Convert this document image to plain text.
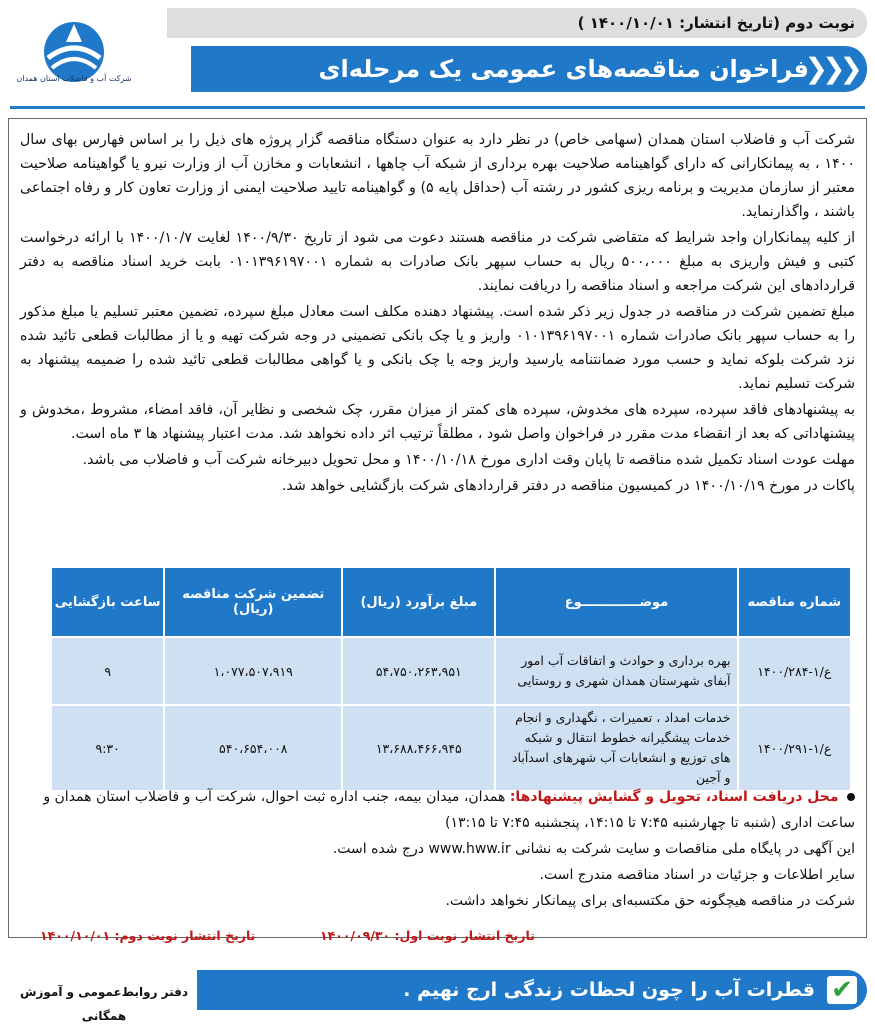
نوبت دوم (تاریخ انتشار: ۱۴۰۰/۱۰/۰۱ )
فراخوان مناقصه‌های عمومی یک مرحله‌ای
❮❮❮
شرکت آب و فاضلاب استان همدان

شرکت آب و فاضلاب استان همدان (سهامی خاص) در نظر دارد به عنوان دستگاه مناقصه گزار پروژه های ذیل را بر اساس فهارس بهای سال ۱۴۰۰ ، به پیمانکارانی که دارای گواهینامه صلاحیت بهره برداری از شبکه آب چاهها ، انشعابات و مخازن آب از وزارت نیرو یا گواهینامه صلاحیت معتبر از سازمان مدیریت و برنامه ریزی کشور در رشته آب (حداقل پایه ۵) و گواهینامه تایید صلاحیت ایمنی از وزارت تعاون کار و رفاه اجتماعی باشند ، واگذارنماید.

از کلیه پیمانکاران واجد شرایط که متقاضی شرکت در مناقصه هستند دعوت می شود از تاریخ ۱۴۰۰/۹/۳۰ لغایت ۱۴۰۰/۱۰/۷ با ارائه درخواست کتبی و فیش واریزی به مبلغ ۵۰۰،۰۰۰ ریال به حساب سپهر بانک صادرات به شماره ۰۱۰۱۳۹۶۱۹۷۰۰۱ بابت خرید اسناد مناقصه به دفتر قراردادهای این شرکت مراجعه و اسناد مناقصه را دریافت نمایند.

مبلغ تضمین شرکت در مناقصه در جدول زیر ذکر شده است. پیشنهاد دهنده مکلف است معادل مبلغ سپرده، تضمین معتبر تسلیم یا مبلغ مذکور را به حساب سپهر بانک صادرات شماره ۰۱۰۱۳۹۶۱۹۷۰۰۱ واریز و یا چک بانکی تضمینی در وجه شرکت تهیه و یا از مطالبات قطعی تائید شده نزد شرکت بلوکه نماید و حسب مورد ضمانتنامه یارسید واریز وجه یا چک بانکی و یا گواهی مطالبات قطعی تائید شده را ضمیمه پیشنهاد به شرکت تسلیم نماید.

به پیشنهادهای فاقد سپرده، سپرده های مخدوش، سپرده های کمتر از میزان مقرر، چک شخصی و نظایر آن، فاقد امضاء، مشروط ،مخدوش و پیشنهاداتی که بعد از انقضاء مدت مقرر در فراخوان واصل شود ، مطلقاً ترتیب اثر داده نخواهد شد. مدت اعتبار پیشنهاد ها ۳ ماه است.

مهلت عودت اسناد تکمیل شده مناقصه تا پایان وقت اداری مورخ ۱۴۰۰/۱۰/۱۸ و محل تحویل دبیرخانه شرکت آب و فاضلاب می باشد.

پاکات در مورخ ۱۴۰۰/۱۰/۱۹ در کمیسیون مناقصه در دفتر قراردادهای شرکت بازگشایی خواهد شد.

شماره مناقصه	موضـــــــــــــوع	مبلغ برآورد (ریال)	تضمین شرکت مناقصه (ریال)	ساعت بازگشایی
ع/۱-۱۴۰۰/۲۸۴	بهره برداری و حوادث و اتفاقات آب امور آبفای شهرستان همدان شهری و روستایی	۵۴،۷۵۰،۲۶۳،۹۵۱	۱،۰۷۷،۵۰۷،۹۱۹	۹
ع/۱-۱۴۰۰/۲۹۱	خدمات امداد ، تعمیرات ، نگهداری و انجام خدمات پیشگیرانه خطوط انتقال و شبکه های توزیع و انشعابات آب شهرهای اسدآباد و آجین	۱۳،۶۸۸،۴۶۶،۹۴۵	۵۴۰،۶۵۴،۰۰۸	۹:۳۰

محل دریافت اسناد، تحویل و گشایش پیشنهادها: همدان، میدان بیمه، جنب اداره ثبت احوال، شرکت آب و فاضلاب استان همدان و ساعت اداری (شنبه تا چهارشنبه ۷:۴۵ تا ۱۴:۱۵، پنجشنبه ۷:۴۵ تا ۱۳:۱۵)

این آگهی در پایگاه ملی مناقصات و سایت شرکت به نشانی www.hww.ir درج شده است.

سایر اطلاعات و جزئیات در اسناد مناقصه مندرج است.

شرکت در مناقصه هیچگونه حق مکتسبه‌ای برای پیمانکار نخواهد داشت.

تاریخ انتشار نوبت اول: ۱۴۰۰/۰۹/۳۰
تاریخ انتشار نوبت دوم: ۱۴۰۰/۱۰/۰۱
قطرات آب را چون لحظات زندگی ارج نهیم . ✔
دفتر روابط‌عمومی و آموزش همگانی
